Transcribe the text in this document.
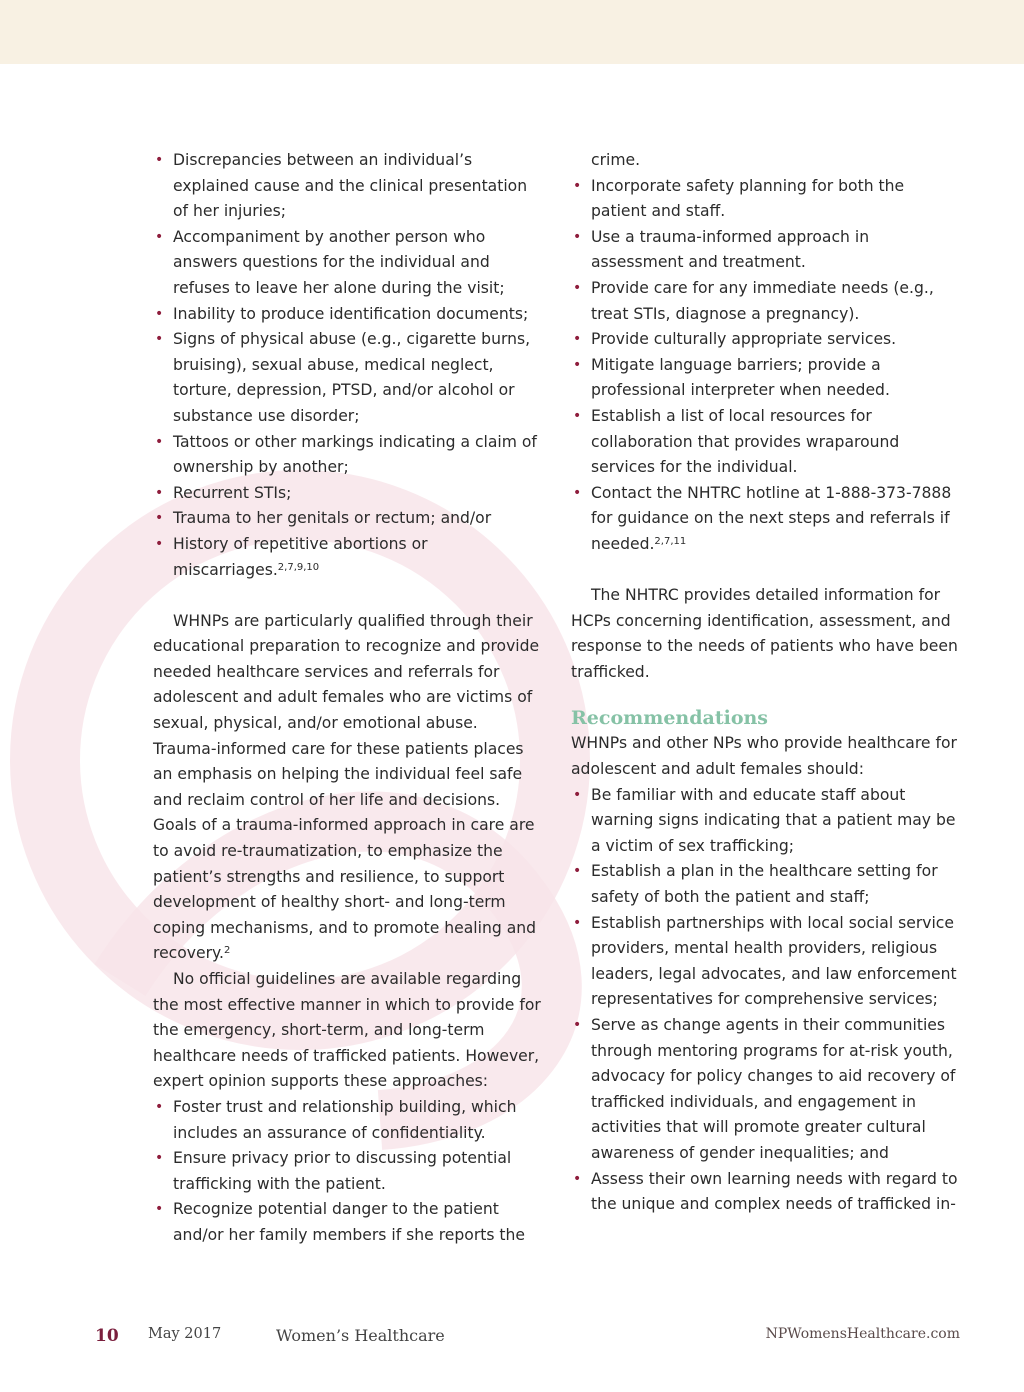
• Discrepancies between an individual’s explained cause and the clinical presentation of her injuries;
• Accompaniment by another person who answers questions for the individual and refuses to leave her alone during the visit;
• Inability to produce identification documents;
• Signs of physical abuse (e.g., cigarette burns, bruising), sexual abuse, medical neglect, torture, depression, PTSD, and/or alcohol or substance use disorder;
• Tattoos or other markings indicating a claim of ownership by another;
• Recurrent STIs;
• Trauma to her genitals or rectum; and/or
• History of repetitive abortions or miscarriages.$^{2,7,9,10}$

WHNPs are particularly qualified through their educational preparation to recognize and provide needed healthcare services and referrals for adolescent and adult females who are victims of sexual, physical, and/or emotional abuse. Trauma-informed care for these patients places an emphasis on helping the individual feel safe and reclaim control of her life and decisions. Goals of a trauma-informed approach in care are to avoid re-traumatization, to emphasize the patient’s strengths and resilience, to support development of healthy short- and long-term coping mechanisms, and to promote healing and recovery.$^2$

No official guidelines are available regarding the most effective manner in which to provide for the emergency, short-term, and long-term healthcare needs of trafficked patients. However, expert opinion supports these approaches:

• Foster trust and relationship building, which includes an assurance of confidentiality.
• Ensure privacy prior to discussing potential trafficking with the patient.
• Recognize potential danger to the patient and/or her family members if she reports the
crime.
• Incorporate safety planning for both the patient and staff.
• Use a trauma-informed approach in assessment and treatment.
• Provide care for any immediate needs (e.g., treat STIs, diagnose a pregnancy).
• Provide culturally appropriate services.
• Mitigate language barriers; provide a professional interpreter when needed.
• Establish a list of local resources for collaboration that provides wraparound services for the individual.
• Contact the NHTRC hotline at 1-888-373-7888 for guidance on the next steps and referrals if needed.$^{2,7,11}$

The NHTRC provides detailed information for HCPs concerning identification, assessment, and response to the needs of patients who have been trafficked.

Recommendations

WHNPs and other NPs who provide healthcare for adolescent and adult females should:

• Be familiar with and educate staff about warning signs indicating that a patient may be a victim of sex trafficking;
• Establish a plan in the healthcare setting for safety of both the patient and staff;
• Establish partnerships with local social service providers, mental health providers, religious leaders, legal advocates, and law enforcement representatives for comprehensive services;
• Serve as change agents in their communities through mentoring programs for at-risk youth, advocacy for policy changes to aid recovery of trafficked individuals, and engagement in activities that will promote greater cultural awareness of gender inequalities; and
• Assess their own learning needs with regard to the unique and complex needs of trafficked in-
10 May 2017	Women’s Healthcare	NPWomensHealthcare.com
